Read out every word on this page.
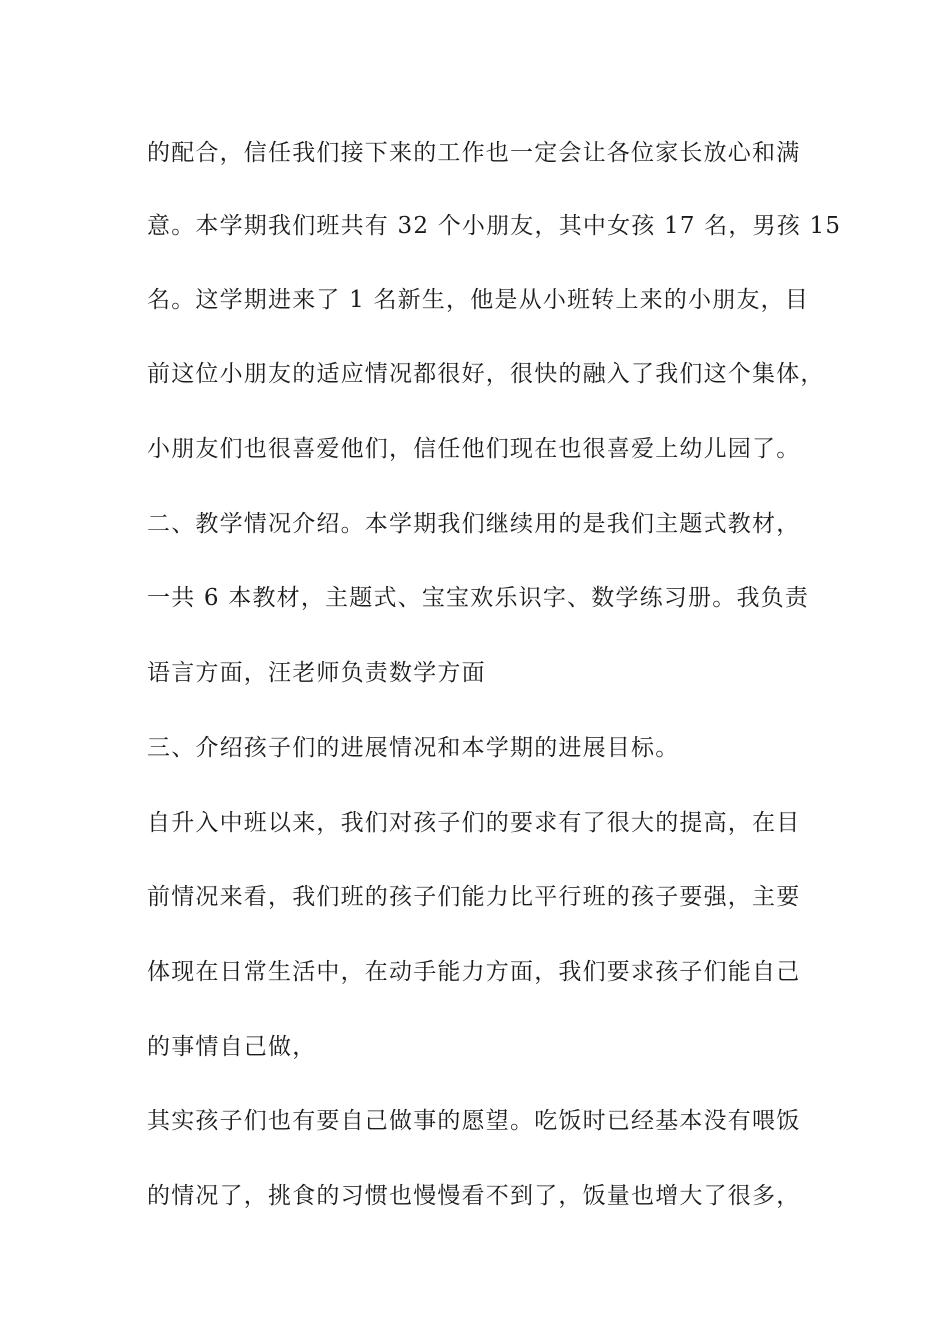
的配合，信任我们接下来的工作也一定会让各位家长放心和满
意。本学期我们班共有 32 个小朋友，其中女孩 17 名，男孩 15
名。这学期进来了 1 名新生，他是从小班转上来的小朋友，目
前这位小朋友的适应情况都很好，很快的融入了我们这个集体，
小朋友们也很喜爱他们，信任他们现在也很喜爱上幼儿园了。
二、教学情况介绍。本学期我们继续用的是我们主题式教材，
一共 6 本教材，主题式、宝宝欢乐识字、数学练习册。我负责
语言方面，汪老师负责数学方面
三、介绍孩子们的进展情况和本学期的进展目标。
自升入中班以来，我们对孩子们的要求有了很大的提高，在目
前情况来看，我们班的孩子们能力比平行班的孩子要强，主要
体现在日常生活中，在动手能力方面，我们要求孩子们能自己
的事情自己做，
其实孩子们也有要自己做事的愿望。吃饭时已经基本没有喂饭
的情况了，挑食的习惯也慢慢看不到了，饭量也增大了很多，
